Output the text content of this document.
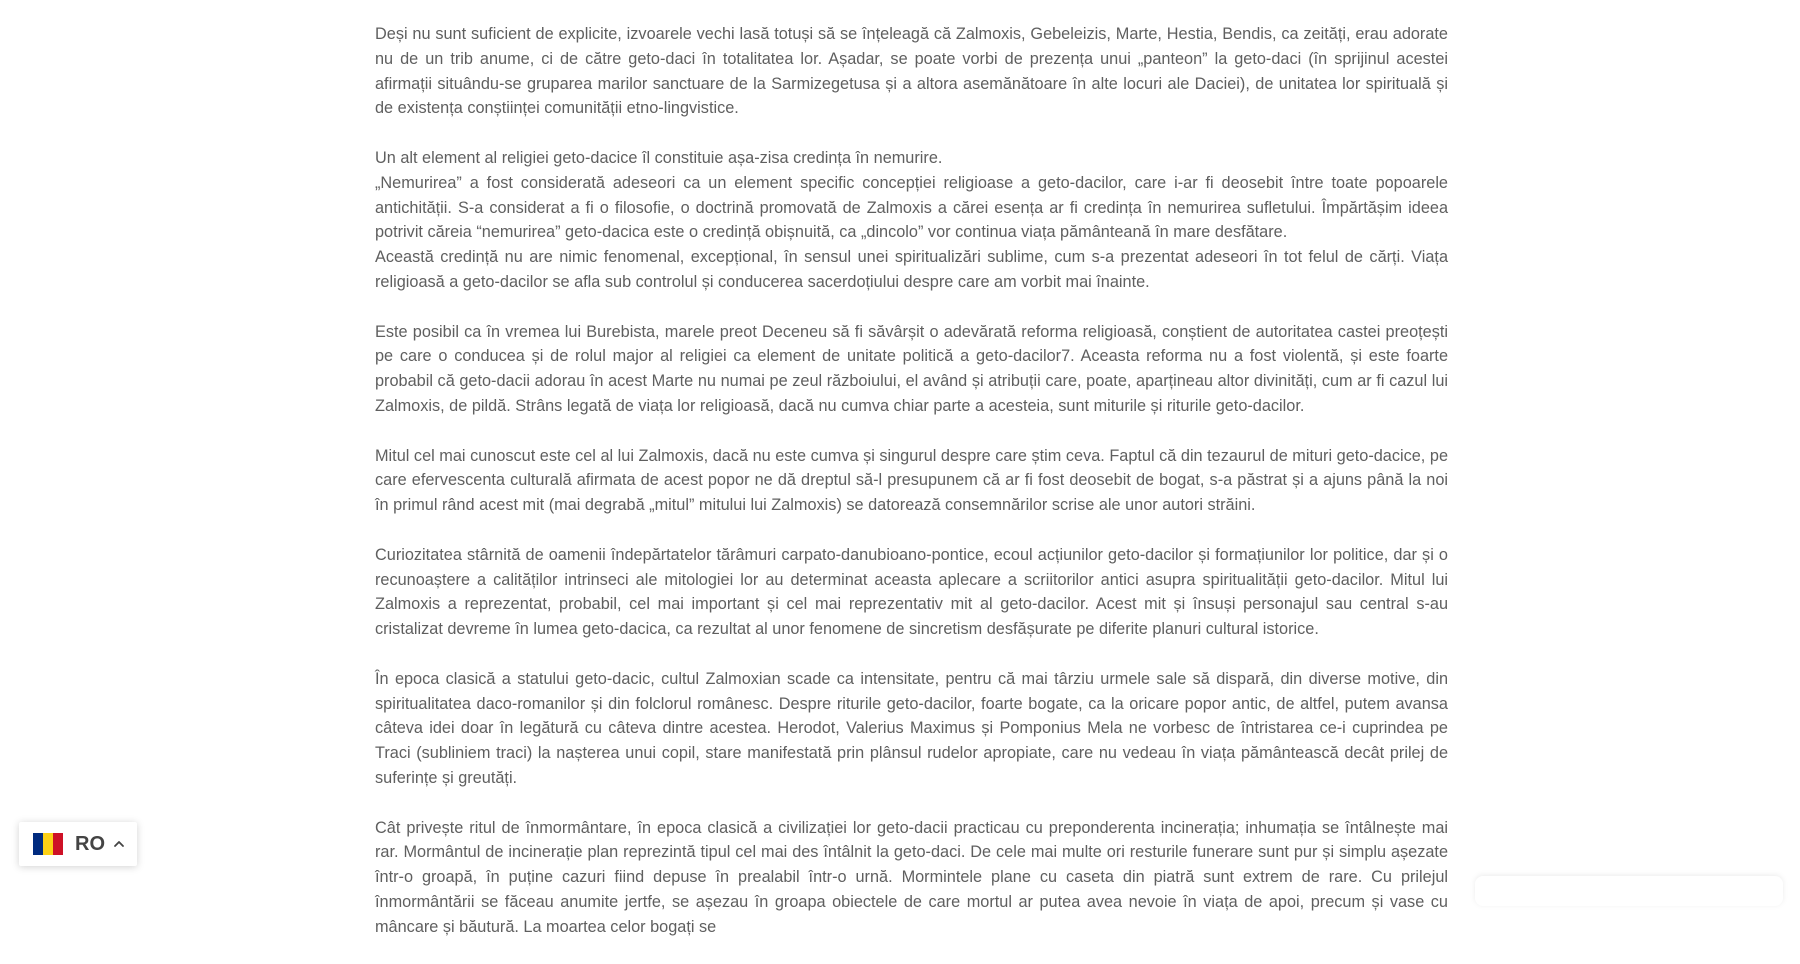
Deși nu sunt suficient de explicite, izvoarele vechi lasă totuși să se înțeleagă că Zalmoxis, Gebeleizis, Marte, Hestia, Bendis, ca zeități, erau adorate nu de un trib anume, ci de către geto-daci în totalitatea lor. Așadar, se poate vorbi de prezența unui „panteon” la geto-daci (în sprijinul acestei afirmații situându-se gruparea marilor sanctuare de la Sarmizegetusa și a altora asemănătoare în alte locuri ale Daciei), de unitatea lor spirituală și de existența conștiinței comunității etno-lingvistice.

Un alt element al religiei geto-dacice îl constituie așa-zisa credința în nemurire.
„Nemurirea” a fost considerată adeseori ca un element specific concepției religioase a geto-dacilor, care i-ar fi deosebit între toate popoarele antichității. S-a considerat a fi o filosofie, o doctrină promovată de Zalmoxis a cărei esența ar fi credința în nemurirea sufletului. Împărtășim ideea potrivit căreia “nemurirea” geto-dacica este o credință obișnuită, ca „dincolo” vor continua viața pământeană în mare desfătare.
Această credință nu are nimic fenomenal, excepțional, în sensul unei spiritualizări sublime, cum s-a prezentat adeseori în tot felul de cărți. Viața religioasă a geto-dacilor se afla sub controlul și conducerea sacerdoțiului despre care am vorbit mai înainte.

Este posibil ca în vremea lui Burebista, marele preot Deceneu să fi săvârșit o adevărată reforma religioasă, conștient de autoritatea castei preoțești pe care o conducea și de rolul major al religiei ca element de unitate politică a geto-dacilor7. Aceasta reforma nu a fost violentă, și este foarte probabil că geto-dacii adorau în acest Marte nu numai pe zeul războiului, el având și atribuții care, poate, aparțineau altor divinități, cum ar fi cazul lui Zalmoxis, de pildă. Strâns legată de viața lor religioasă, dacă nu cumva chiar parte a acesteia, sunt miturile și riturile geto-dacilor.

Mitul cel mai cunoscut este cel al lui Zalmoxis, dacă nu este cumva și singurul despre care știm ceva. Faptul că din tezaurul de mituri geto-dacice, pe care efervescenta culturală afirmata de acest popor ne dă dreptul să-l presupunem că ar fi fost deosebit de bogat, s-a păstrat și a ajuns până la noi în primul rând acest mit (mai degrabă „mitul” mitului lui Zalmoxis) se datorează consemnărilor scrise ale unor autori străini.

Curiozitatea stârnită de oamenii îndepărtatelor tărâmuri carpato-danubioano-pontice, ecoul acțiunilor geto-dacilor și formațiunilor lor politice, dar și o recunoaștere a calităților intrinseci ale mitologiei lor au determinat aceasta aplecare a scriitorilor antici asupra spiritualității geto-dacilor. Mitul lui Zalmoxis a reprezentat, probabil, cel mai important și cel mai reprezentativ mit al geto-dacilor. Acest mit și însuși personajul sau central s-au cristalizat devreme în lumea geto-dacica, ca rezultat al unor fenomene de sincretism desfășurate pe diferite planuri cultural istorice.

În epoca clasică a statului geto-dacic, cultul Zalmoxian scade ca intensitate, pentru că mai târziu urmele sale să dispară, din diverse motive, din spiritualitatea daco-romanilor și din folclorul românesc. Despre riturile geto-dacilor, foarte bogate, ca la oricare popor antic, de altfel, putem avansa câteva idei doar în legătură cu câteva dintre acestea. Herodot, Valerius Maximus și Pomponius Mela ne vorbesc de întristarea ce-i cuprindea pe Traci (subliniem traci) la nașterea unui copil, stare manifestată prin plânsul rudelor apropiate, care nu vedeau în viața pământească decât prilej de suferințe și greutăți.

Cât privește ritul de înmormântare, în epoca clasică a civilizației lor geto-dacii practicau cu preponderenta incinerația; inhumația se întâlnește mai rar. Mormântul de incinerație plan reprezintă tipul cel mai des întâlnit la geto-daci. De cele mai multe ori resturile funerare sunt pur și simplu așezate într-o groapă, în puține cazuri fiind depuse în prealabil într-o urnă. Mormintele plane cu caseta din piatră sunt extrem de rare. Cu prilejul înmormântării se făceau anumite jertfe, se așezau în groapa obiectele de care mortul ar putea avea nevoie în viața de apoi, precum și vase cu mâncare și băutură. La moartea celor bogați se

RO
